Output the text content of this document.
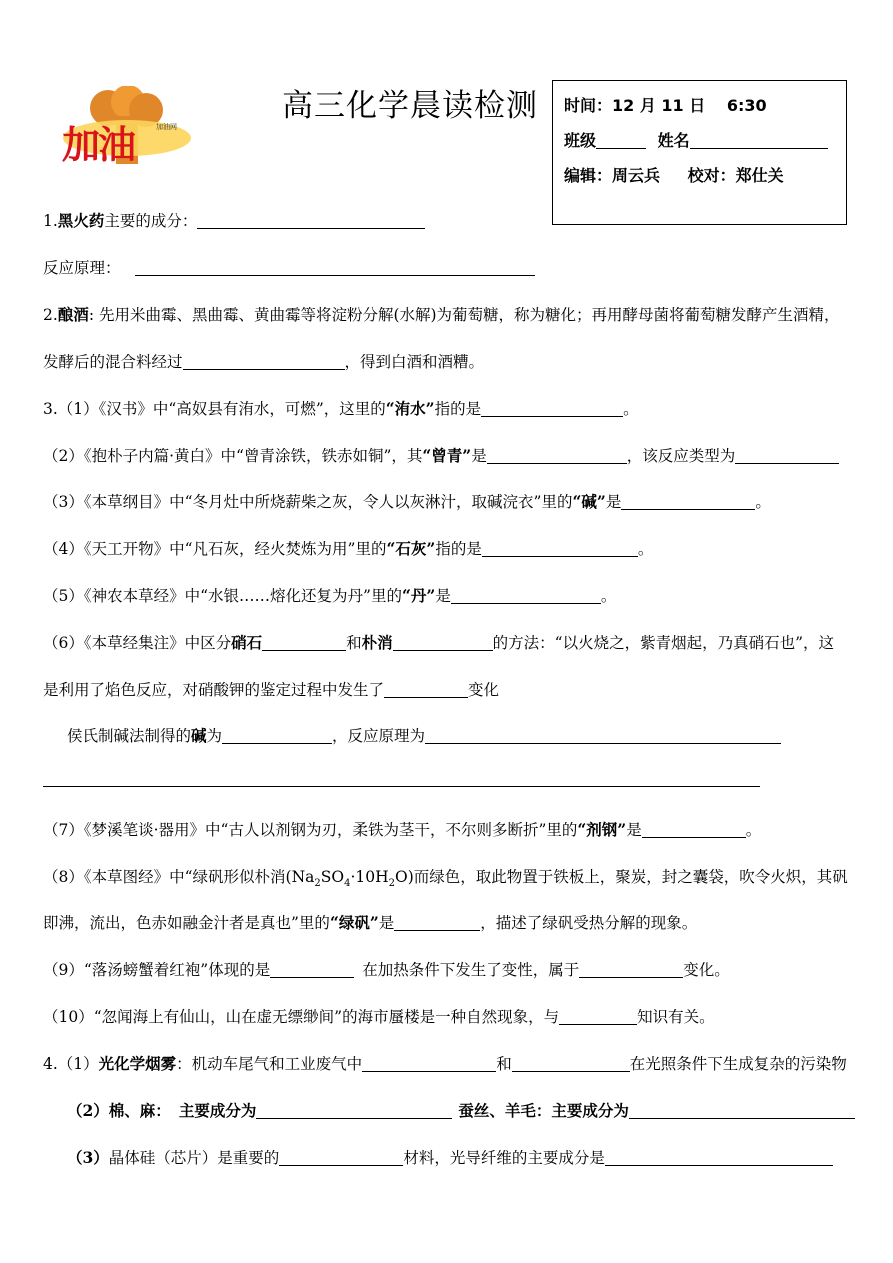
加油	加油网
高三化学晨读检测 时间：12 月 11 日　 6:30
班级	姓名
编辑：周云兵 校对：郑仕关
1.黑火药主要的成分：
反应原理：
2.酿酒: 先用米曲霉、黑曲霉、黄曲霉等将淀粉分解(水解)为葡萄糖，称为糖化；再用酵母菌将葡萄糖发酵产生酒精，
发酵后的混合料经过	，得到白酒和酒糟。
3.（1）《汉书》中“高奴县有洧水，可燃”，这里的“洧水”指的是	。
（2）《抱朴子内篇·黄白》中“曾青涂铁，铁赤如铜”，其“曾青”是	，该反应类型为
（3）《本草纲目》中“冬月灶中所烧薪柴之灰，令人以灰淋汁，取碱浣衣”里的“碱”是	。
（4）《天工开物》中“凡石灰，经火焚炼为用”里的“石灰”指的是	。
（5）《神农本草经》中“水银……熔化还复为丹”里的“丹”是	。
（6）《本草经集注》中区分硝石	和朴消	的方法：“以火烧之，紫青烟起，乃真硝石也”，这
是利用了焰色反应，对硝酸钾的鉴定过程中发生了	变化
侯氏制碱法制得的碱为	，反应原理为
（7）《梦溪笔谈·器用》中“古人以剂钢为刃，柔铁为茎干，不尔则多断折”里的“剂钢”是	。
（8）《本草图经》中“绿矾形似朴消$(Na_2SO_4\cdot 10H_2O)$而绿色，取此物置于铁板上，聚炭，封之囊袋，吹令火炽，其矾
即沸，流出，色赤如融金汁者是真也”里的“绿矾”是	，描述了绿矾受热分解的现象。
（9）“落汤螃蟹着红袍”体现的是	在加热条件下发生了变性，属于	变化。
（10）“忽闻海上有仙山，山在虚无缥缈间”的海市蜃楼是一种自然现象，与	知识有关。
4.（1）光化学烟雾：机动车尾气和工业废气中	和	在光照条件下生成复杂的污染物
（2）棉、麻： 主要成分为	蚕丝、羊毛：主要成分为
（3）晶体硅（芯片）是重要的	材料，光导纤维的主要成分是
